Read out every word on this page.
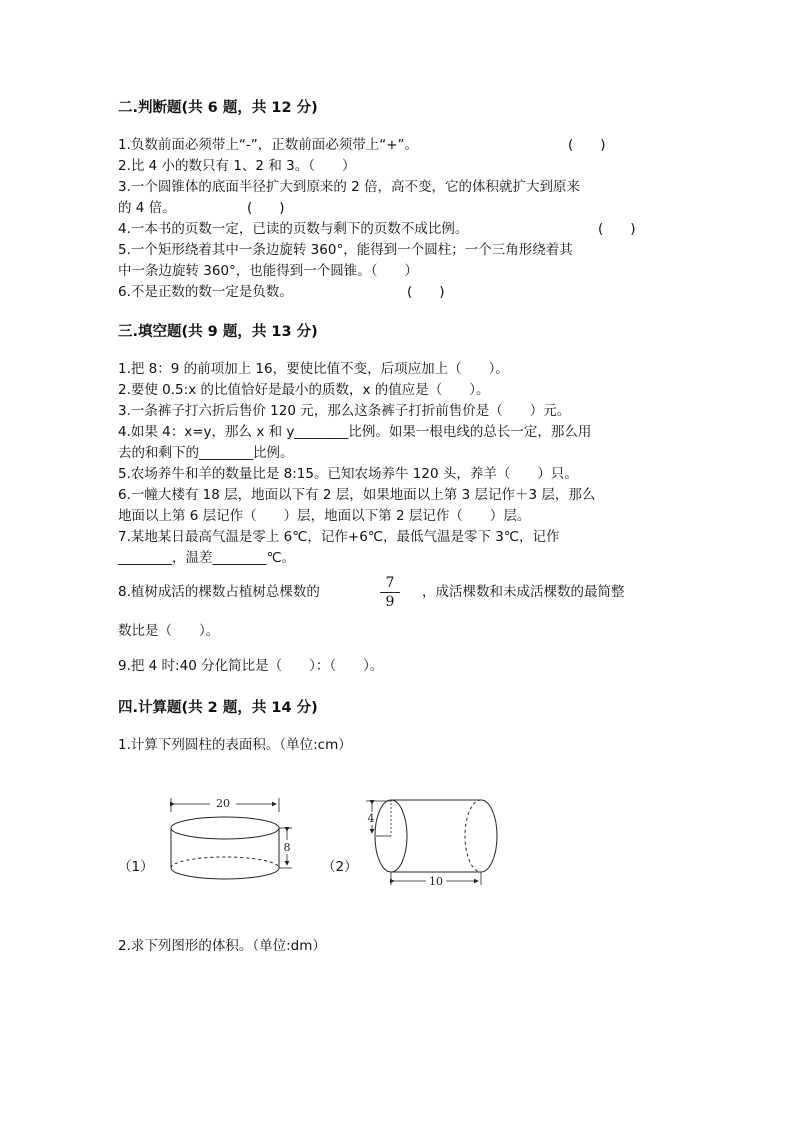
二.判断题(共 6 题，共 12 分)
1.负数前面必须带上“-”，正数前面必须带上“+”。	(　　)
2.比 4 小的数只有 1、2 和 3。（　　）
3.一个圆锥体的底面半径扩大到原来的 2 倍，高不变，它的体积就扩大到原来
的 4 倍。	(　　)
4.一本书的页数一定，已读的页数与剩下的页数不成比例。	(　　)
5.一个矩形绕着其中一条边旋转 360°，能得到一个圆柱；一个三角形绕着其
中一条边旋转 360°，也能得到一个圆锥。（　　）
6.不是正数的数一定是负数。	(　　)
三.填空题(共 9 题，共 13 分)
1.把 8：9 的前项加上 16，要使比值不变，后项应加上（　　）。
2.要使 0.5:x 的比值恰好是最小的质数，x 的值应是（　　）。
3.一条裤子打六折后售价 120 元，那么这条裤子打折前售价是（　　）元。
4.如果 4：x=y，那么 x 和 y________比例。如果一根电线的总长一定，那么用
去的和剩下的________比例。
5.农场养牛和羊的数量比是 8:15。已知农场养牛 120 头，养羊（　　）只。
6.一幢大楼有 18 层，地面以下有 2 层，如果地面以上第 3 层记作＋3 层，那么
地面以上第 6 层记作（　　）层，地面以下第 2 层记作（　　）层。
7.某地某日最高气温是零上 6℃，记作+6℃，最低气温是零下 3℃，记作
________，温差________℃。
8.植树成活的棵数占植树总棵数的
7
9
，成活棵数和未成活棵数的最简整
数比是（　　）。
9.把 4 时:40 分化简比是（　　）：（　　）。
四.计算题(共 2 题，共 14 分)
1.计算下列圆柱的表面积。（单位:cm）
（1）	（2）
20
8
4
10
2.求下列图形的体积。（单位:dm）
